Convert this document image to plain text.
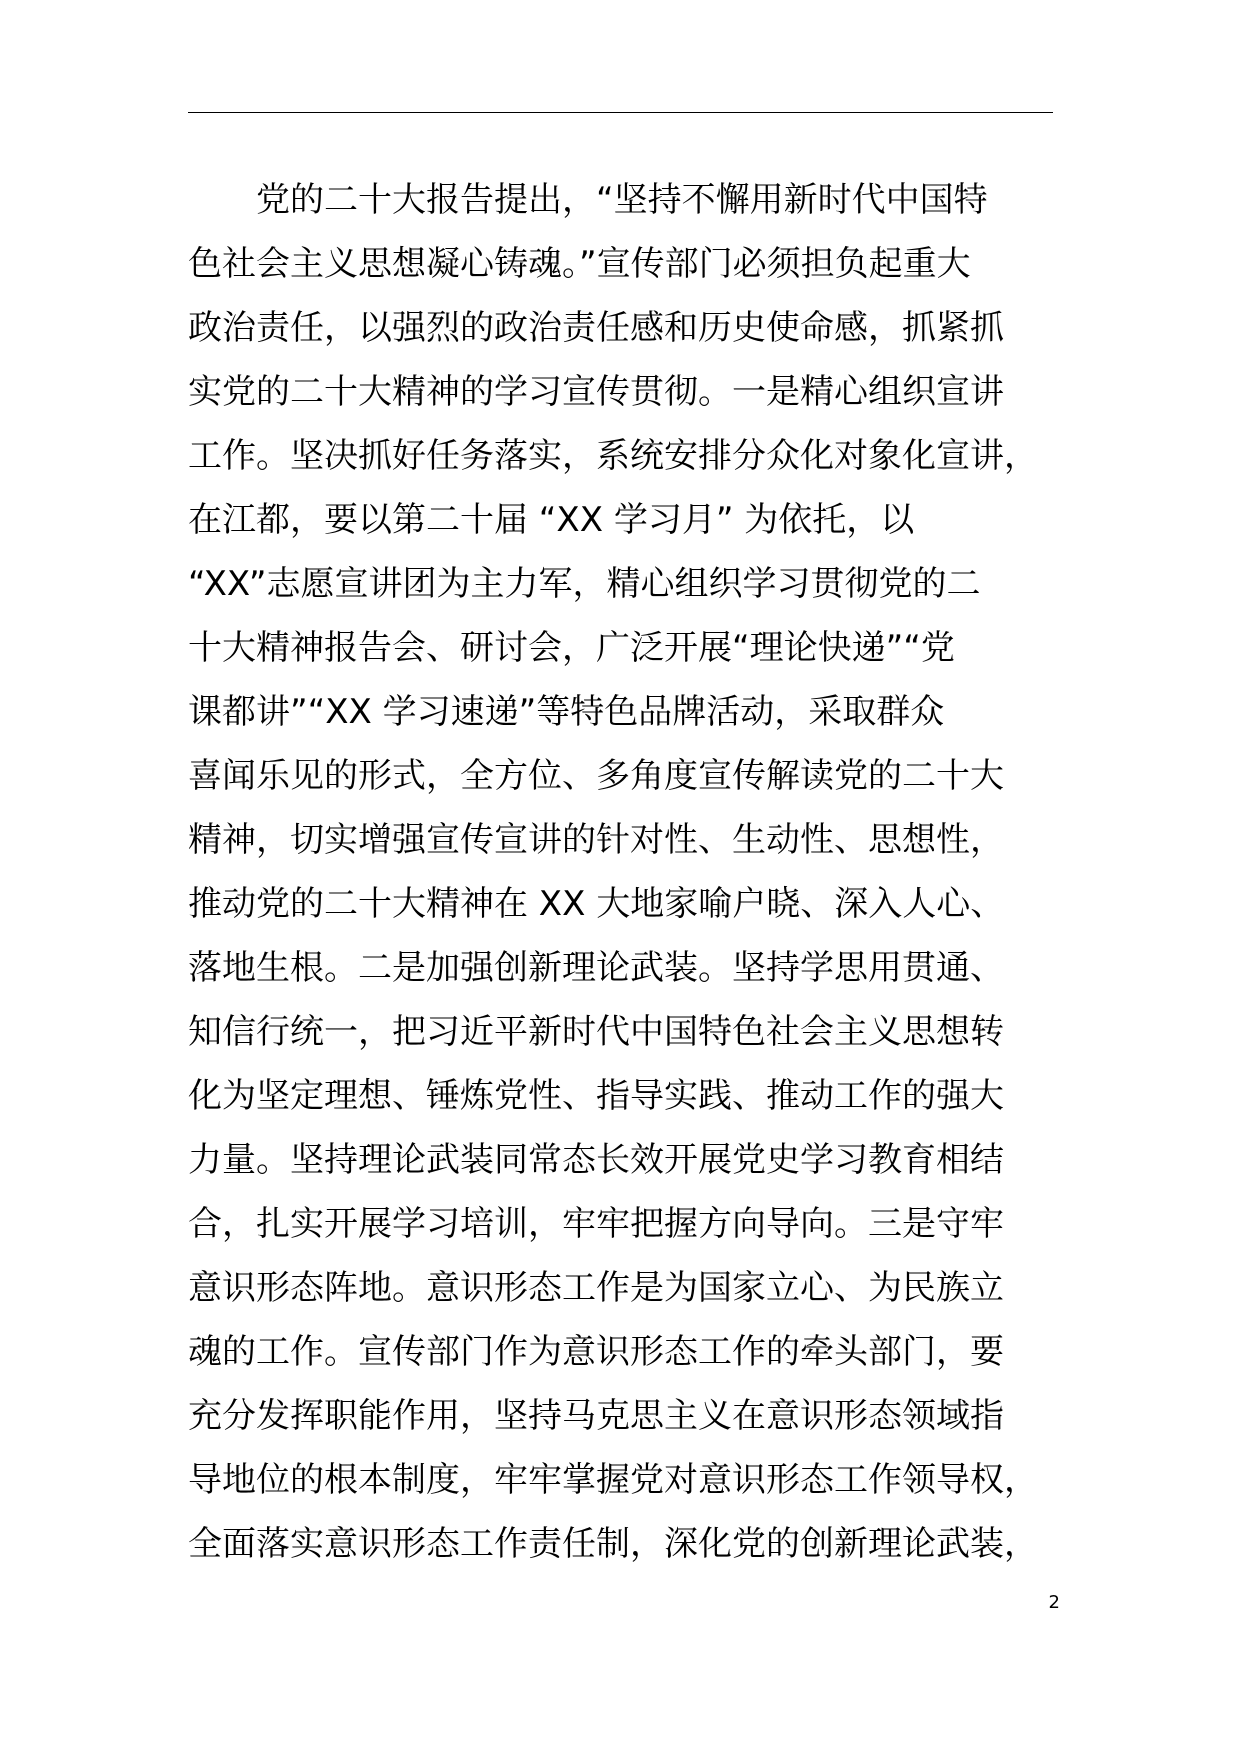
　　党的二十大报告提出，“坚持不懈用新时代中国特
色社会主义思想凝心铸魂。”宣传部门必须担负起重大
政治责任，以强烈的政治责任感和历史使命感，抓紧抓
实党的二十大精神的学习宣传贯彻。一是精心组织宣讲
工作。坚决抓好任务落实，系统安排分众化对象化宣讲，
在江都，要以第二十届 “XX 学习月” 为依托，以
“XX”志愿宣讲团为主力军，精心组织学习贯彻党的二
十大精神报告会、研讨会，广泛开展“理论快递”“党
课都讲”“XX 学习速递”等特色品牌活动，采取群众
喜闻乐见的形式，全方位、多角度宣传解读党的二十大
精神，切实增强宣传宣讲的针对性、生动性、思想性，
推动党的二十大精神在 XX 大地家喻户晓、深入人心、
落地生根。二是加强创新理论武装。坚持学思用贯通、
知信行统一，把习近平新时代中国特色社会主义思想转
化为坚定理想、锤炼党性、指导实践、推动工作的强大
力量。坚持理论武装同常态长效开展党史学习教育相结
合，扎实开展学习培训，牢牢把握方向导向。三是守牢
意识形态阵地。意识形态工作是为国家立心、为民族立
魂的工作。宣传部门作为意识形态工作的牵头部门，要
充分发挥职能作用，坚持马克思主义在意识形态领域指
导地位的根本制度，牢牢掌握党对意识形态工作领导权，
全面落实意识形态工作责任制，深化党的创新理论武装，
2
